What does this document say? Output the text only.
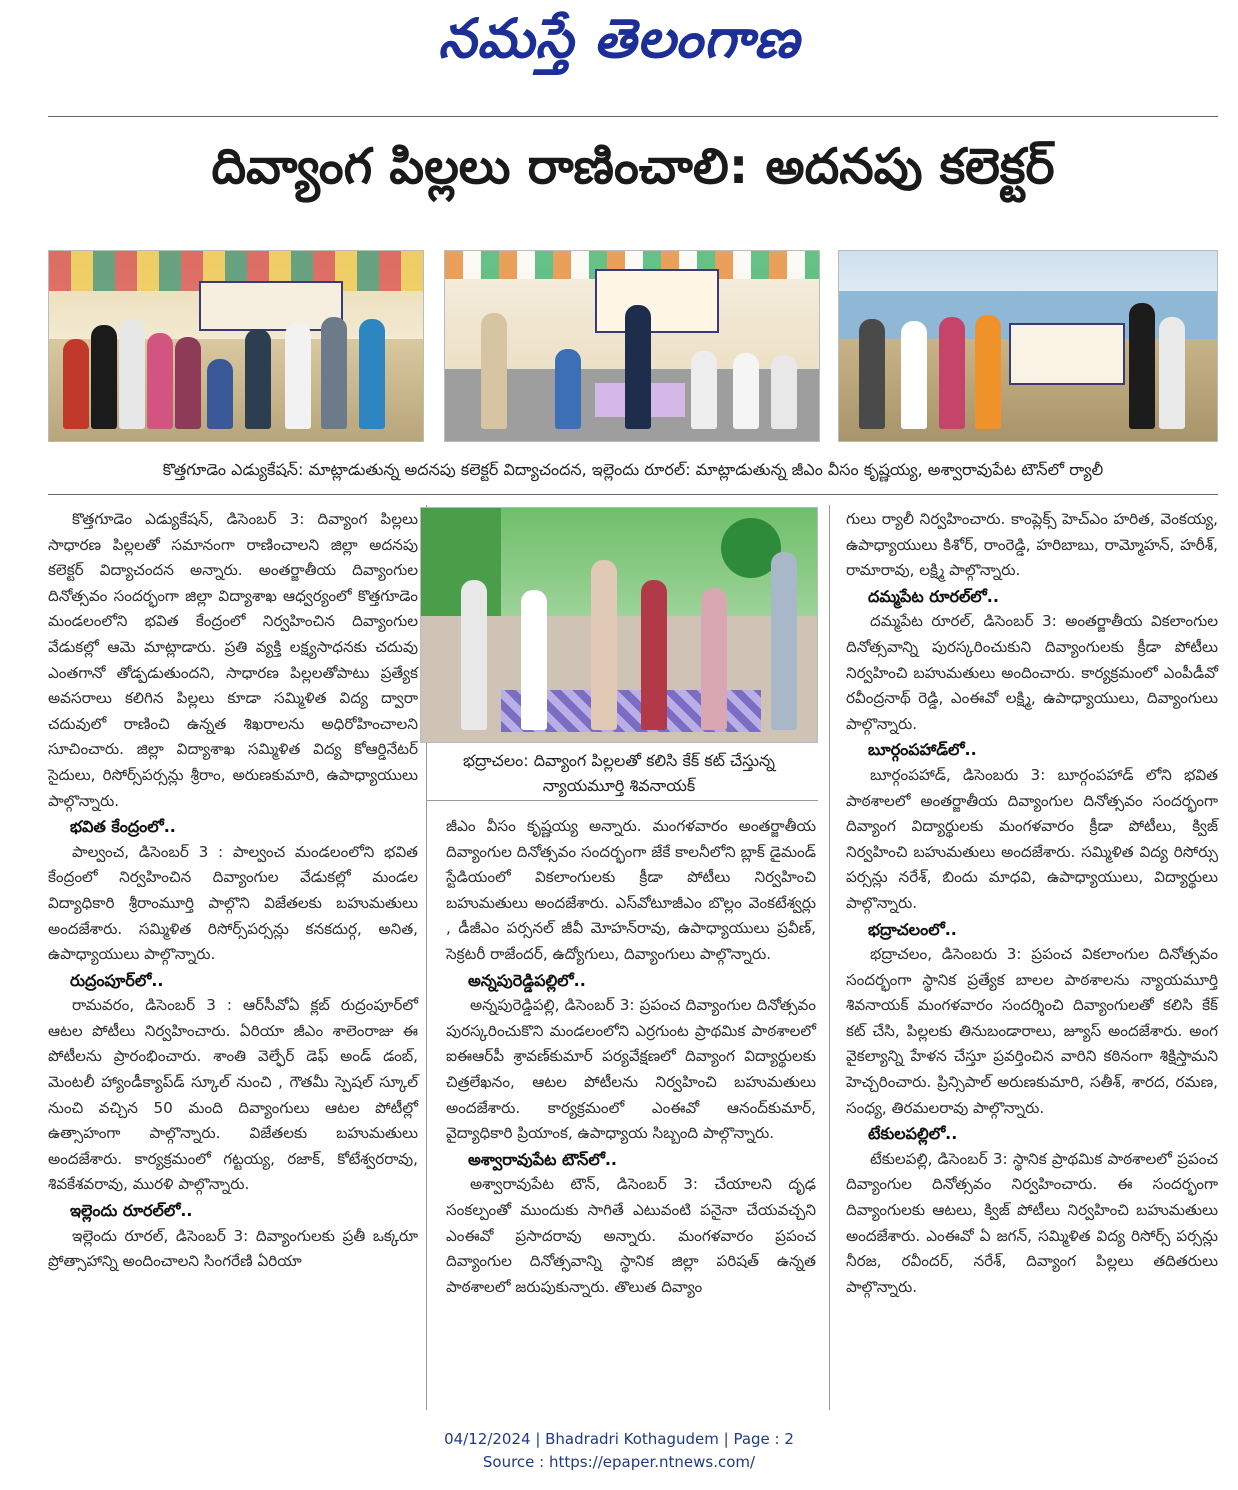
నమస్తే తెలంగాణ
దివ్యాంగ పిల్లలు రాణించాలి: అదనపు కలెక్టర్
కొత్తగూడెం ఎడ్యుకేషన్: మాట్లాడుతున్న అదనపు కలెక్టర్ విద్యాచందన, ఇల్లెందు రూరల్: మాట్లాడుతున్న జీఎం వీసం కృష్ణయ్య, అశ్వారావుపేట టౌన్‌లో ర్యాలీ

కొత్తగూడెం ఎడ్యుకేషన్, డిసెంబర్ 3: దివ్యాంగ పిల్లలు సాధారణ పిల్లలతో సమానంగా రాణించాలని జిల్లా అదనపు కలెక్టర్ విద్యాచందన అన్నారు. అంతర్జాతీయ దివ్యాంగుల దినోత్సవం సందర్భంగా జిల్లా విద్యాశాఖ ఆధ్వర్యంలో కొత్తగూడెం మండలంలోని భవిత కేంద్రంలో నిర్వహించిన దివ్యాంగుల వేడుకల్లో ఆమె మాట్లాడారు. ప్రతి వ్యక్తి లక్ష్యసాధనకు చదువు ఎంతగానో తోడ్పడుతుందని, సాధారణ పిల్లలతోపాటు ప్రత్యేక అవసరాలు కలిగిన పిల్లలు కూడా సమ్మిళిత విద్య ద్వారా చదువులో రాణించి ఉన్నత శిఖరాలను అధిరోహించాలని సూచించారు. జిల్లా విద్యాశాఖ సమ్మిళిత విద్య కోఆర్డినేటర్ సైదులు, రిసోర్స్‌పర్సన్లు శ్రీరాం, అరుణకుమారి, ఉపాధ్యాయులు పాల్గొన్నారు.

భవిత కేంద్రంలో..

పాల్వంచ, డిసెంబర్ 3 : పాల్వంచ మండలంలోని భవిత కేంద్రంలో నిర్వహించిన దివ్యాంగుల వేడుకల్లో మండల విద్యాధికారి శ్రీరాంమూర్తి పాల్గొని విజేతలకు బహుమతులు అందజేశారు. సమ్మిళిత రిసోర్స్‌పర్సన్లు కనకదుర్గ, అనిత, ఉపాధ్యాయులు పాల్గొన్నారు.

రుద్రంపూర్‌లో..

రామవరం, డిసెంబర్ 3 : ఆర్‌సీవోఏ క్లబ్ రుద్రంపూర్‌లో ఆటల పోటీలు నిర్వహించారు. ఏరియా జీఎం శాలెంరాజు ఈ పోటీలను ప్రారంభించారు. శాంతి వెల్ఫేర్ డెఫ్ అండ్ డంబ్, మెంటలీ హ్యాండీక్యాప్‌డ్ స్కూల్ నుంచి , గౌతమీ స్పెషల్ స్కూల్ నుంచి వచ్చిన 50 మంది దివ్యాంగులు ఆటల పోటీల్లో ఉత్సాహంగా పాల్గొన్నారు. విజేతలకు బహుమతులు అందజేశారు. కార్యక్రమంలో గట్టయ్య, రజాక్, కోటేశ్వరరావు, శివకేశవరావు, మురళి పాల్గొన్నారు.

ఇల్లెందు రూరల్‌లో..

ఇల్లెందు రూరల్, డిసెంబర్ 3: దివ్యాంగులకు ప్రతీ ఒక్కరూ ప్రోత్సాహాన్ని అందించాలని సింగరేణి ఏరియా

భద్రాచలం: దివ్యాంగ పిల్లలతో కలిసి కేక్ కట్ చేస్తున్న న్యాయమూర్తి శివనాయక్

జీఎం వీసం కృష్ణయ్య అన్నారు. మంగళవారం అంతర్జాతీయ దివ్యాంగుల దినోత్సవం సందర్భంగా జేకే కాలనీలోని బ్లాక్ డైమండ్ స్టేడియంలో వికలాంగులకు క్రీడా పోటీలు నిర్వహించి బహుమతులు అందజేశారు. ఎస్‌వోటూజీఎం బొల్లం వెంకటేశ్వర్లు , డీజీఎం పర్సనల్ జీవీ మోహన్‌రావు, ఉపాధ్యాయులు ప్రవీణ్, సెక్రటరీ రాజేందర్, ఉద్యోగులు, దివ్యాంగులు పాల్గొన్నారు.

అన్నపురెడ్డిపల్లిలో..

అన్నపురెడ్డిపల్లి, డిసెంబర్ 3: ప్రపంచ దివ్యాంగుల దినోత్సవం పురస్కరించుకొని మండలంలోని ఎర్రగుంట ప్రాథమిక పాఠశాలలో ఐఈఆర్‌పీ శ్రావణ్‌కుమార్ పర్యవేక్షణలో దివ్యాంగ విద్యార్థులకు చిత్రలేఖనం, ఆటల పోటీలను నిర్వహించి బహుమతులు అందజేశారు. కార్యక్రమంలో ఎంఈవో ఆనంద్‌కుమార్, వైద్యాధికారి ప్రియాంక, ఉపాధ్యాయ సిబ్బంది పాల్గొన్నారు.

అశ్వారావుపేట టౌన్‌లో..

అశ్వారావుపేట టౌన్, డిసెంబర్ 3: చేయాలని దృఢ సంకల్పంతో ముందుకు సాగితే ఎటువంటి పనైనా చేయవచ్చని ఎంఈవో ప్రసాదరావు అన్నారు. మంగళవారం ప్రపంచ దివ్యాంగుల దినోత్సవాన్ని స్థానిక జిల్లా పరిషత్ ఉన్నత పాఠశాలలో జరుపుకున్నారు. తొలుత దివ్యాం

గులు ర్యాలీ నిర్వహించారు. కాంప్లెక్స్ హెచ్‌ఎం హరిత, వెంకయ్య, ఉపాధ్యాయులు కిశోర్, రాంరెడ్డి, హరిబాబు, రామ్మోహన్, హరీశ్, రామారావు, లక్ష్మి పాల్గొన్నారు.

దమ్మపేట రూరల్‌లో..

దమ్మపేట రూరల్, డిసెంబర్ 3: అంతర్జాతీయ వికలాంగుల దినోత్సవాన్ని పురస్కరించుకుని దివ్యాంగులకు క్రీడా పోటీలు నిర్వహించి బహుమతులు అందించారు. కార్యక్రమంలో ఎంపీడీవో రవీంద్రనాథ్ రెడ్డి, ఎంఈవో లక్ష్మి, ఉపాధ్యాయులు, దివ్యాంగులు పాల్గొన్నారు.

బూర్గంపహాడ్‌లో..

బూర్గంపహాడ్, డిసెంబరు 3: బూర్గంపహాడ్ లోని భవిత పాఠశాలలో అంతర్జాతీయ దివ్యాంగుల దినోత్సవం సందర్భంగా దివ్యాంగ విద్యార్థులకు మంగళవారం క్రీడా పోటీలు, క్విజ్ నిర్వహించి బహుమతులు అందజేశారు. సమ్మిళిత విద్య రిసోర్సు పర్సన్లు నరేశ్, బిందు మాధవి, ఉపాధ్యాయులు, విద్యార్థులు పాల్గొన్నారు.

భద్రాచలంలో..

భద్రాచలం, డిసెంబరు 3: ప్రపంచ వికలాంగుల దినోత్సవం సందర్భంగా స్థానిక ప్రత్యేక బాలల పాఠశాలను న్యాయమూర్తి శివనాయక్ మంగళవారం సందర్శించి దివ్యాంగులతో కలిసి కేక్ కట్ చేసి, పిల్లలకు తినుబండారాలు, జ్యూస్ అందజేశారు. అంగ వైకల్యాన్ని హేళన చేస్తూ ప్రవర్తించిన వారిని కఠినంగా శిక్షిస్తామని హెచ్చరించారు. ప్రిన్సిపాల్ అరుణకుమారి, సతీశ్, శారద, రమణ, సంధ్య, తిరమలరావు పాల్గొన్నారు.

టేకులపల్లిలో..

టేకులపల్లి, డిసెంబర్ 3: స్థానిక ప్రాథమిక పాఠశాలలో ప్రపంచ దివ్యాంగుల దినోత్సవం నిర్వహించారు. ఈ సందర్భంగా దివ్యాంగులకు ఆటలు, క్విజ్ పోటీలు నిర్వహించి బహుమతులు అందజేశారు. ఎంఈవో ఏ జగన్, సమ్మిళిత విద్య రిసోర్స్ పర్సన్లు నీరజ, రవీందర్, నరేశ్, దివ్యాంగ పిల్లలు తదితరులు పాల్గొన్నారు.

04/12/2024 | Bhadradri Kothagudem | Page : 2
Source : https://epaper.ntnews.com/
